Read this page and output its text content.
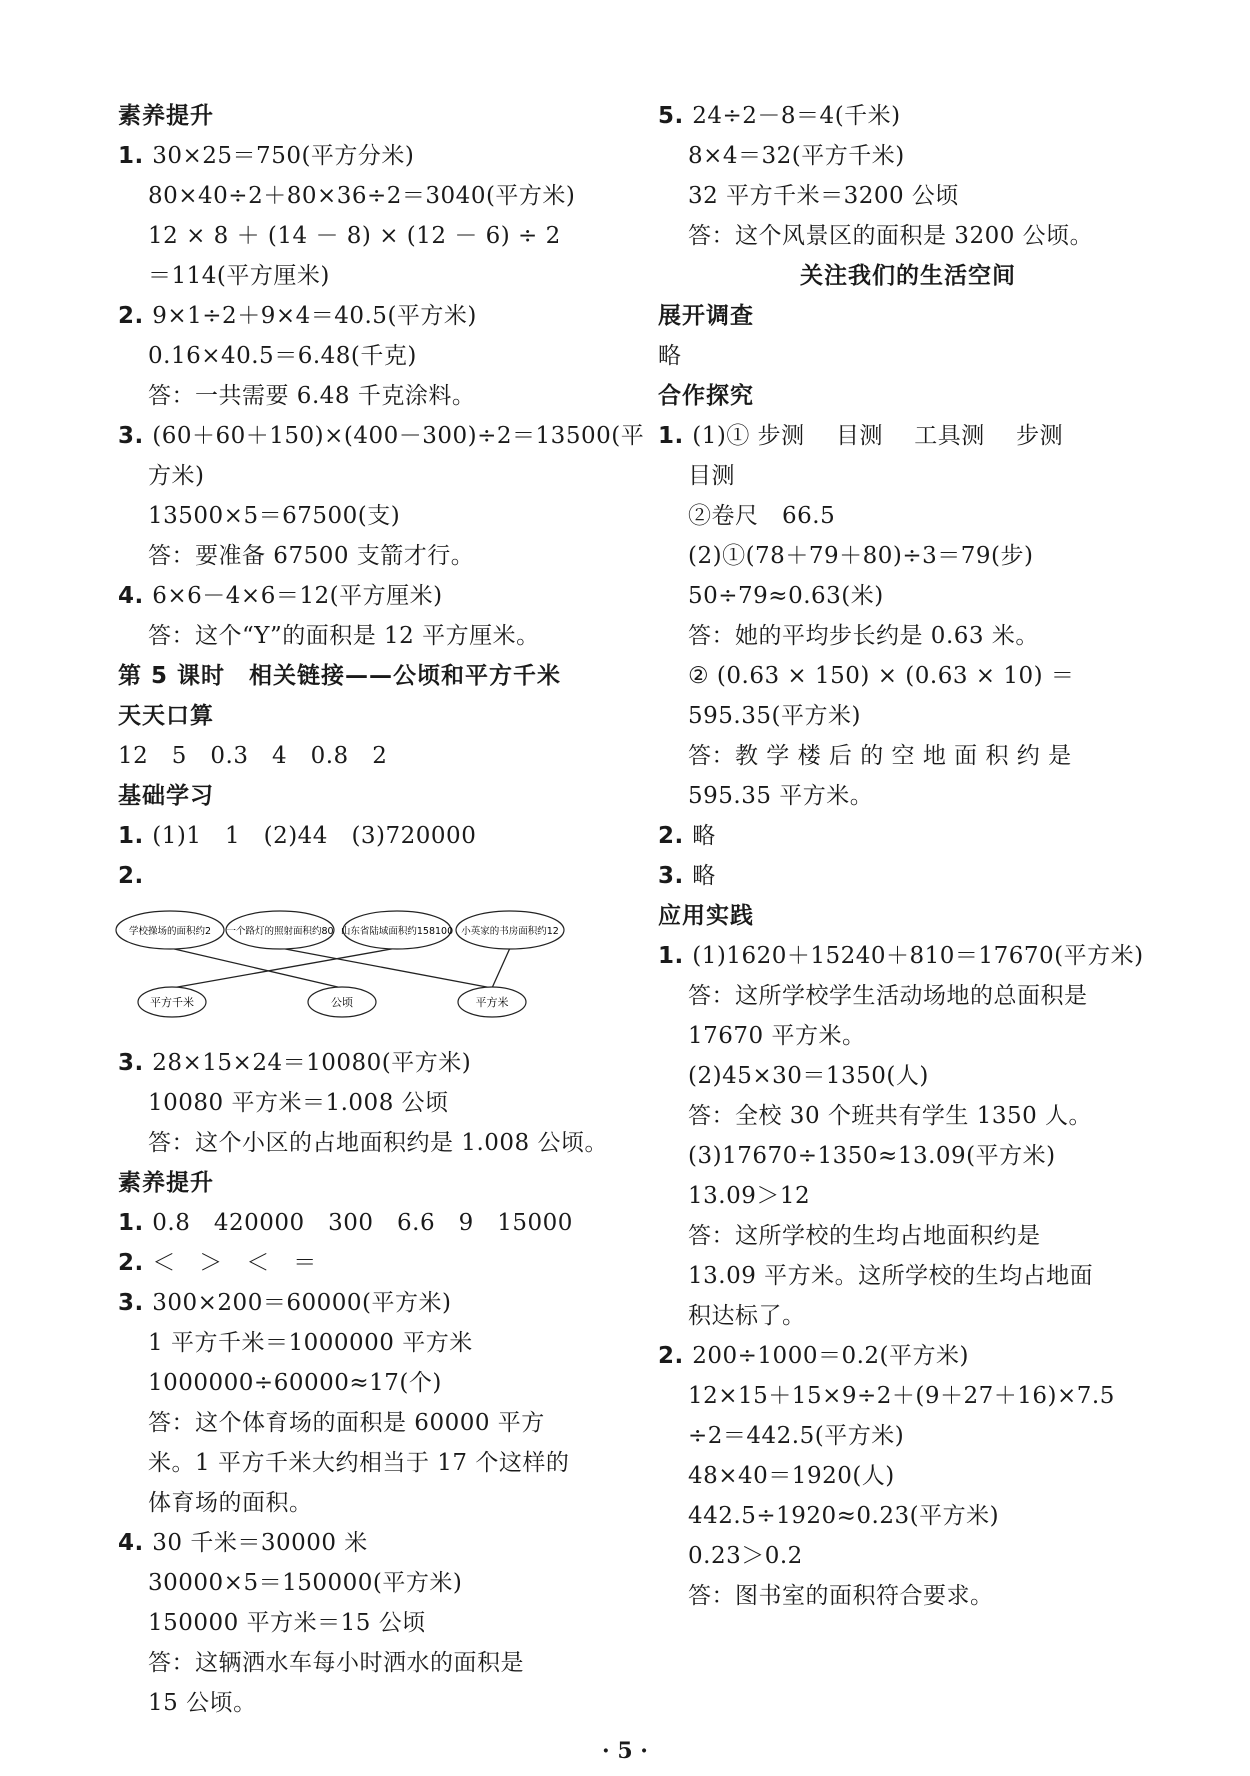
素养提升
1. 30×25＝750(平方分米)
80×40÷2＋80×36÷2＝3040(平方米)
12 × 8 ＋ (14 － 8) × (12 － 6) ÷ 2
＝114(平方厘米)
2. 9×1÷2＋9×4＝40.5(平方米)
0.16×40.5＝6.48(千克)
答：一共需要 6.48 千克涂料。
3. (60＋60＋150)×(400－300)÷2＝13500(平
方米)
13500×5＝67500(支)
答：要准备 67500 支箭才行。
4. 6×6－4×6＝12(平方厘米)
答：这个“Y”的面积是 12 平方厘米。
第 5 课时　相关链接——公顷和平方千米
天天口算
12　5　0.3　4　0.8　2
基础学习
1. (1)1　1　(2)44　(3)720000
2.
学校操场的面积约2 一个路灯的照射面积约80 山东省陆域面积约158100 小英家的书房面积约12
平方千米	公顷	平方米
3. 28×15×24＝10080(平方米)
10080 平方米＝1.008 公顷
答：这个小区的占地面积约是 1.008 公顷。
素养提升
1. 0.8　420000　300　6.6　9　15000
2. ＜　＞　＜　＝
3. 300×200＝60000(平方米)
1 平方千米＝1000000 平方米
1000000÷60000≈17(个)
答：这个体育场的面积是 60000 平方
米。1 平方千米大约相当于 17 个这样的
体育场的面积。
4. 30 千米＝30000 米
30000×5＝150000(平方米)
150000 平方米＝15 公顷
答：这辆洒水车每小时洒水的面积是
15 公顷。
5. 24÷2－8＝4(千米)
8×4＝32(平方千米)
32 平方千米＝3200 公顷
答：这个风景区的面积是 3200 公顷。
关注我们的生活空间
展开调查
略
合作探究
1. (1)① 步测　 目测　 工具测　 步测
目测
②卷尺　66.5
(2)①(78＋79＋80)÷3＝79(步)
50÷79≈0.63(米)
答：她的平均步长约是 0.63 米。
② (0.63 × 150) × (0.63 × 10) ＝
595.35(平方米)
答：教 学 楼 后 的 空 地 面 积 约 是
595.35 平方米。
2. 略
3. 略
应用实践
1. (1)1620＋15240＋810＝17670(平方米)
答：这所学校学生活动场地的总面积是
17670 平方米。
(2)45×30＝1350(人)
答：全校 30 个班共有学生 1350 人。
(3)17670÷1350≈13.09(平方米)
13.09＞12
答：这所学校的生均占地面积约是
13.09 平方米。这所学校的生均占地面
积达标了。
2. 200÷1000＝0.2(平方米)
12×15＋15×9÷2＋(9＋27＋16)×7.5
÷2＝442.5(平方米)
48×40＝1920(人)
442.5÷1920≈0.23(平方米)
0.23＞0.2
答：图书室的面积符合要求。
· 5 ·
